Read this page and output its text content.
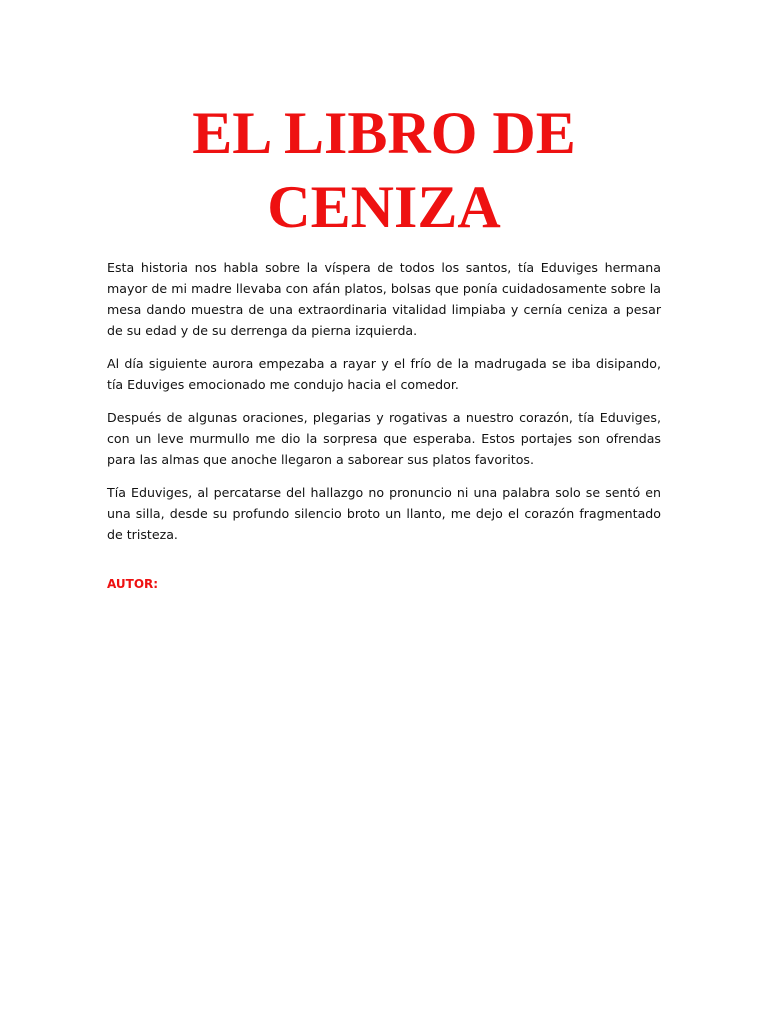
EL LIBRO DE CENIZA

Esta historia nos habla sobre la víspera de todos los santos, tía Eduviges hermana mayor de mi madre llevaba con afán platos, bolsas que ponía cuidadosamente sobre la mesa dando muestra de una extraordinaria vitalidad limpiaba y cernía ceniza a pesar de su edad y de su derrenga da pierna izquierda.

Al día siguiente aurora empezaba a rayar y el frío de la madrugada se iba disipando, tía Eduviges emocionado me condujo hacia el comedor.

Después de algunas oraciones, plegarias y rogativas a nuestro corazón, tía Eduviges, con un leve murmullo me dio la sorpresa que esperaba. Estos portajes son ofrendas para las almas que anoche llegaron a saborear sus platos favoritos.

Tía Eduviges, al percatarse del hallazgo no pronuncio ni una palabra solo se sentó en una silla, desde su profundo silencio broto un llanto, me dejo el corazón fragmentado de tristeza.

AUTOR:
